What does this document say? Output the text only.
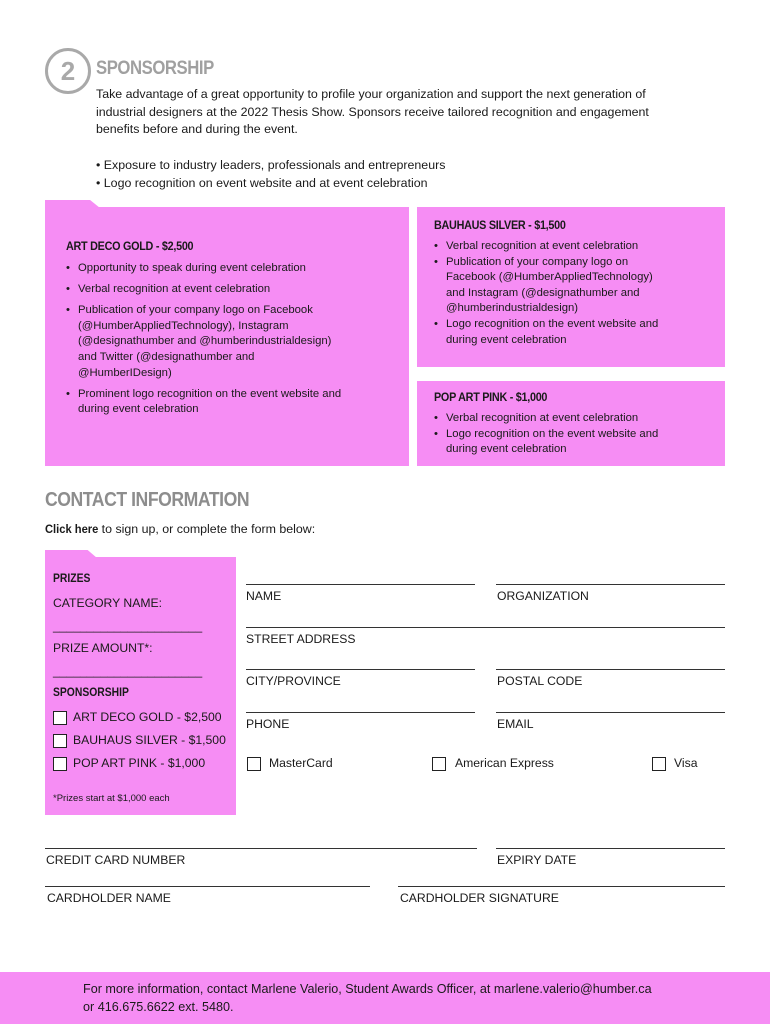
2 SPONSORSHIP
Take advantage of a great opportunity to profile your organization and support the next generation of
industrial designers at the 2022 Thesis Show. Sponsors receive tailored recognition and engagement
benefits before and during the event.
• Exposure to industry leaders, professionals and entrepreneurs
• Logo recognition on event website and at event celebration
ART DECO GOLD - $2,500
• Opportunity to speak during event celebration
• Verbal recognition at event celebration
• Publication of your company logo on Facebook
(@HumberAppliedTechnology), Instagram
(@designathumber and @humberindustrialdesign)
and Twitter (@designathumber and
@HumberIDesign)
• Prominent logo recognition on the event website and
during event celebration
BAUHAUS SILVER - $1,500
• Verbal recognition at event celebration
• Publication of your company logo on
Facebook (@HumberAppliedTechnology)
and Instagram (@designathumber and
@humberindustrialdesign)
• Logo recognition on the event website and
during event celebration
POP ART PINK - $1,000
• Verbal recognition at event celebration
• Logo recognition on the event website and
during event celebration
CONTACT INFORMATION
Click here to sign up, or complete the form below:
PRIZES
CATEGORY NAME:
______________________
PRIZE AMOUNT*:
______________________
SPONSORSHIP
ART DECO GOLD - $2,500
BAUHAUS SILVER - $1,500
POP ART PINK - $1,000
*Prizes start at $1,000 each
NAME	ORGANIZATION
STREET ADDRESS
CITY/PROVINCE	POSTAL CODE
PHONE	EMAIL
MasterCard	American Express	Visa
CREDIT CARD NUMBER	EXPIRY DATE
CARDHOLDER NAME	CARDHOLDER SIGNATURE
For more information, contact Marlene Valerio, Student Awards Officer, at marlene.valerio@humber.ca
or 416.675.6622 ext. 5480.
